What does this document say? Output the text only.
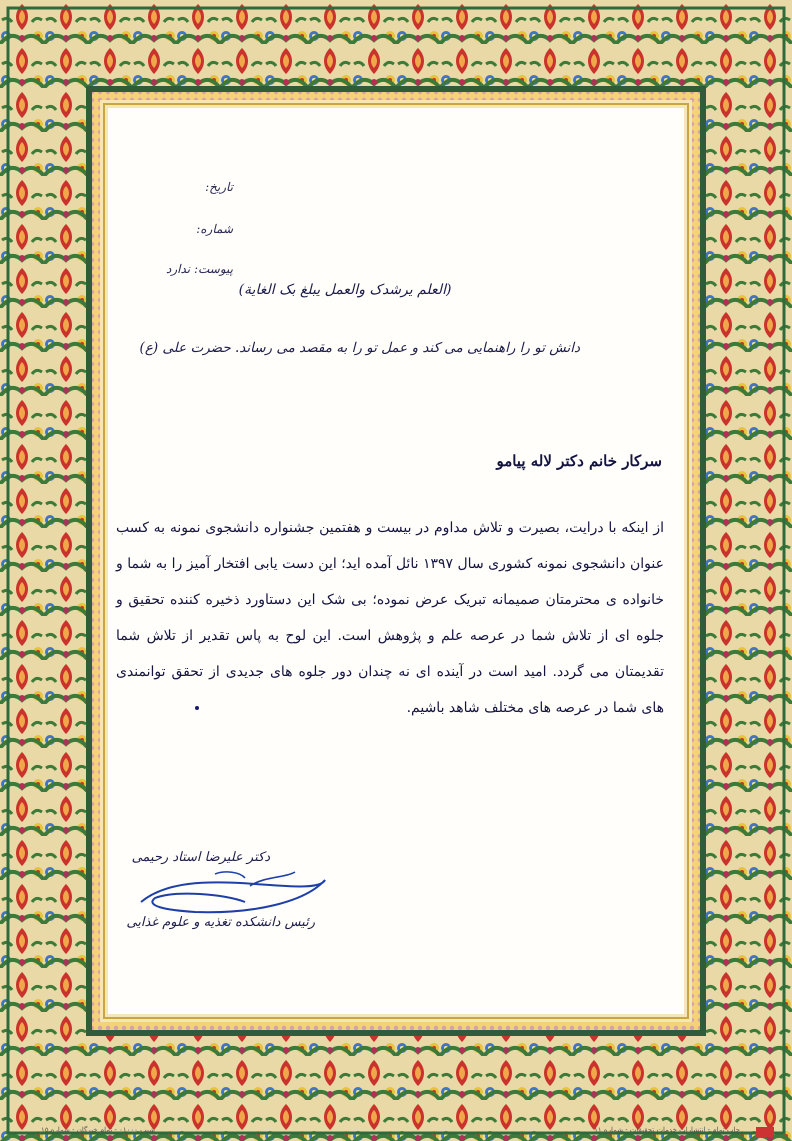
تاریخ:
شماره:
پیوست: ندارد
(العلم یرشدک والعمل یبلغ بک الغایة)
دانش تو را راهنمایی می کند و عمل تو را به مقصد می رساند. حضرت علی (ع)
سرکار خانم دکتر لاله پیامو
از اینکه با درایت، بصیرت و تلاش مداوم در بیست و هفتمین جشنواره دانشجوی نمونه به کسب عنوان دانشجوی نمونه کشوری سال ۱۳۹۷ نائل آمده اید؛ این دست یابی افتخار آمیز را به شما و خانواده ی محترمتان صمیمانه تبریک عرض نموده؛ بی شک این دستاورد ذخیره کننده تحقیق و جلوه ای از تلاش شما در عرصه علم و پژوهش است. این لوح به پاس تقدیر از تلاش شما تقدیمتان می گردد. امید است در آینده ای نه چندان دور جلوه های جدیدی از تحقق توانمندی های شما در عرصه های مختلف شاهد باشیم.
دکتر علیرضا استاد رحیمی
رئیس دانشکده تغذیه و علوم غذایی
شیب ۰۱۰۰۰ - تمام خبرگان - شماره ۱۵	چاپ تمام - انتشارات خدمات تحقیقات - شماره ۱۱
